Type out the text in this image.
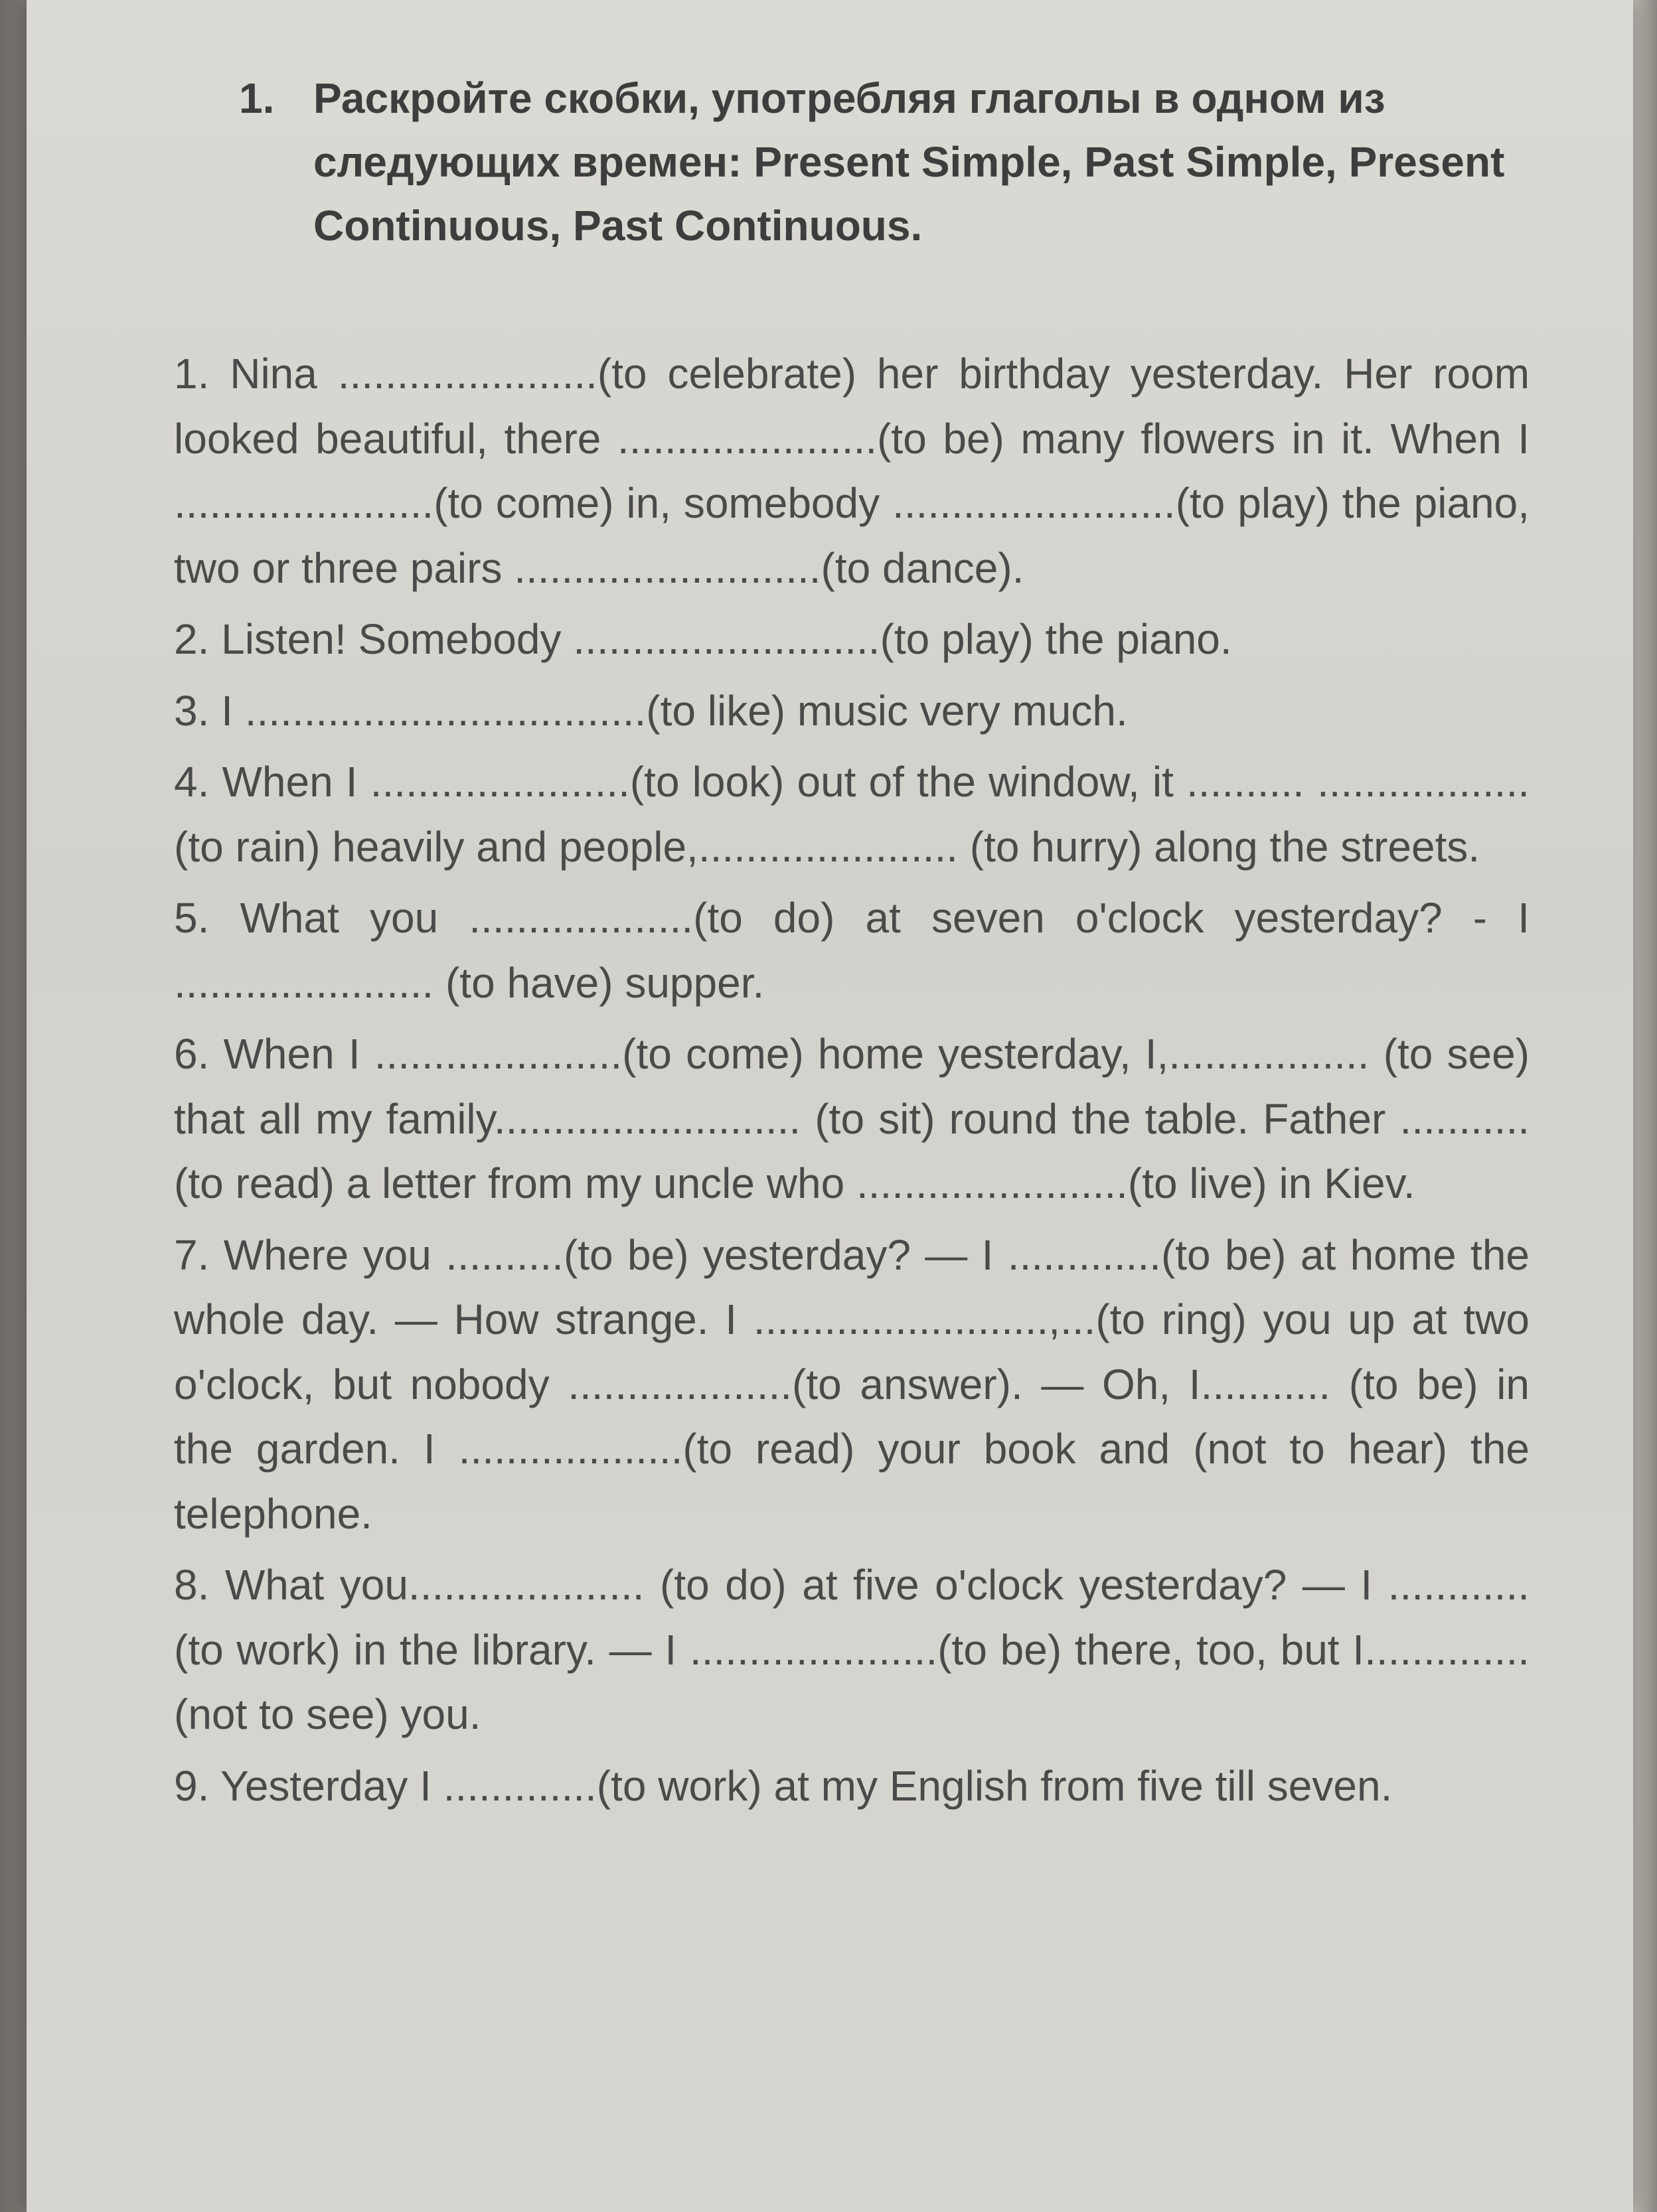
1. Раскройте скобки, употребляя глаголы в одном из следующих времен: Present Simple, Past Simple, Present Continuous, Past Continuous.

1. Nina ......................(to celebrate) her birthday yesterday. Her room looked beautiful, there ......................(to be) many flowers in it. When I ......................(to come) in, somebody ........................(to play) the piano, two or three pairs ..........................(to dance).

2. Listen! Somebody ..........................(to play) the piano.

3. I ..................................(to like) music very much.

4. When I ......................(to look) out of the window, it .......... .................. (to rain) heavily and people,...................... (to hurry) along the streets.

5. What you ...................(to do) at seven o'clock yesterday? - I ...................... (to have) supper.

6. When I .....................(to come) home yesterday, I,................. (to see) that all my family.......................... (to sit) round the table. Father ........... (to read) a letter from my uncle who .......................(to live) in Kiev.

7. Where you ..........(to be) yesterday? — I .............(to be) at home the whole day. — How strange. I .........................,...(to ring) you up at two o'clock, but nobody ...................(to answer). — Oh, I........... (to be) in the garden. I ...................(to read) your book and (not to hear) the telephone.

8. What you.................... (to do) at five o'clock yesterday? — I ............ (to work) in the library. — I .....................(to be) there, too, but I.............. (not to see) you.

9. Yesterday I .............(to work) at my English from five till seven.
